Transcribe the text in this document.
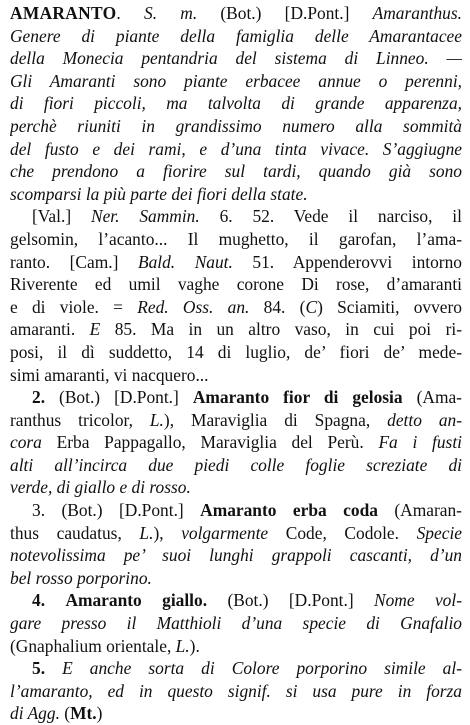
AMARANTO. S. m. (Bot.) [D.Pont.] Amaranthus.
Genere di piante della famiglia delle Amarantacee
della Monecia pentandria del sistema di Linneo. —
Gli Amaranti sono piante erbacee annue o perenni,
di fiori piccoli, ma talvolta di grande apparenza,
perchè riuniti in grandissimo numero alla sommità
del fusto e dei rami, e d’una tinta vivace. S’aggiugne
che prendono a fiorire sul tardi, quando già sono
scomparsi la più parte dei fiori della state.
[Val.] Ner. Sammin. 6. 52. Vede il narciso, il
gelsomin, l’acanto... Il mughetto, il garofan, l’ama-
ranto. [Cam.] Bald. Naut. 51. Appenderovvi intorno
Riverente ed umil vaghe corone Di rose, d’amaranti
e di viole. = Red. Oss. an. 84. (C) Sciamiti, ovvero
amaranti. E 85. Ma in un altro vaso, in cui poi ri-
posi, il dì suddetto, 14 di luglio, de’ fiori de’ mede-
simi amaranti, vi nacquero...
2. (Bot.) [D.Pont.] Amaranto fior di gelosia (Ama-
ranthus tricolor, L.), Maraviglia di Spagna, detto an-
cora Erba Pappagallo, Maraviglia del Perù. Fa i fusti
alti all’incirca due piedi colle foglie screziate di
verde, di giallo e di rosso.
3. (Bot.) [D.Pont.] Amaranto erba coda (Amaran-
thus caudatus, L.), volgarmente Code, Codole. Specie
notevolissima pe’ suoi lunghi grappoli cascanti, d’un
bel rosso porporino.
4. Amaranto giallo. (Bot.) [D.Pont.] Nome vol-
gare presso il Matthioli d’una specie di Gnafalio
(Gnaphalium orientale, L.).
5. E anche sorta di Colore porporino simile al-
l’amaranto, ed in questo signif. si usa pure in forza
di Agg. (Mt.)
